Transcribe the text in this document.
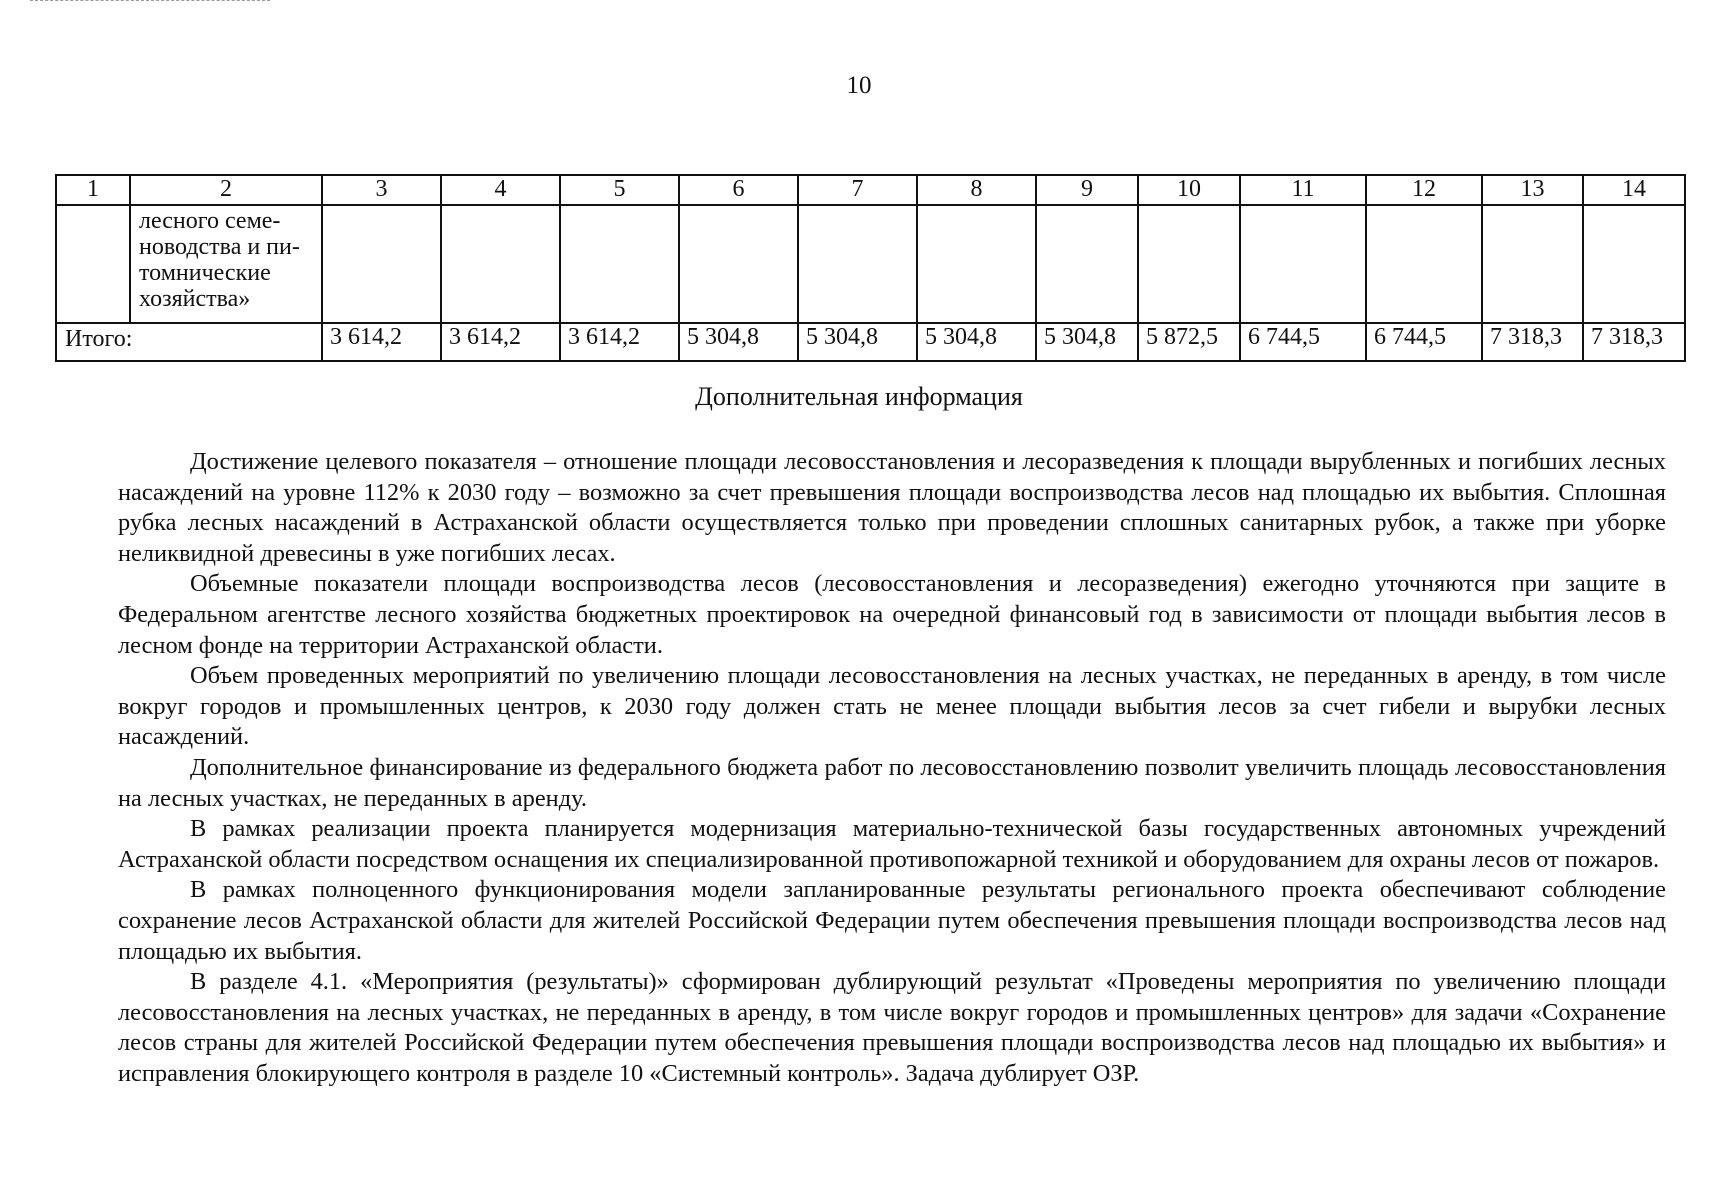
10
1	2	3	4	5	6	7	8	9	10	11	12	13	14
	лесного семе-
новодства и пи-
томнические
хозяйства»												
Итого:		3 614,2	3 614,2	3 614,2	5 304,8	5 304,8	5 304,8	5 304,8	5 872,5	6 744,5	6 744,5	7 318,3	7 318,3
Дополнительная информация

Достижение целевого показателя – отношение площади лесовосстановления и лесоразведения к площади вырубленных и погибших лесных насаждений на уровне 112% к 2030 году – возможно за счет превышения площади воспроизводства лесов над площадью их выбытия. Сплошная рубка лесных насаждений в Астраханской области осуществляется только при проведении сплошных санитарных рубок, а также при уборке неликвидной древесины в уже погибших лесах.

Объемные показатели площади воспроизводства лесов (лесовосстановления и лесоразведения) ежегодно уточняются при защите в Федеральном агентстве лесного хозяйства бюджетных проектировок на очередной финансовый год в зависимости от площади выбытия лесов в лесном фонде на территории Астраханской области.

Объем проведенных мероприятий по увеличению площади лесовосстановления на лесных участках, не переданных в аренду, в том числе вокруг городов и промышленных центров, к 2030 году должен стать не менее площади выбытия лесов за счет гибели и вырубки лесных насаждений.

Дополнительное финансирование из федерального бюджета работ по лесовосстановлению позволит увеличить площадь лесовосстановления на лесных участках, не переданных в аренду.

В рамках реализации проекта планируется модернизация материально-технической базы государственных автономных учреждений Астраханской области посредством оснащения их специализированной противопожарной техникой и оборудованием для охраны лесов от пожаров.

В рамках полноценного функционирования модели запланированные результаты регионального проекта обеспечивают соблюдение сохранение лесов Астраханской области для жителей Российской Федерации путем обеспечения превышения площади воспроизводства лесов над площадью их выбытия.

В разделе 4.1. «Мероприятия (результаты)» сформирован дублирующий результат «Проведены мероприятия по увеличению площади лесовосстановления на лесных участках, не переданных в аренду, в том числе вокруг городов и промышленных центров» для задачи «Сохранение лесов страны для жителей Российской Федерации путем обеспечения превышения площади воспроизводства лесов над площадью их выбытия» и исправления блокирующего контроля в разделе 10 «Системный контроль». Задача дублирует ОЗР.
